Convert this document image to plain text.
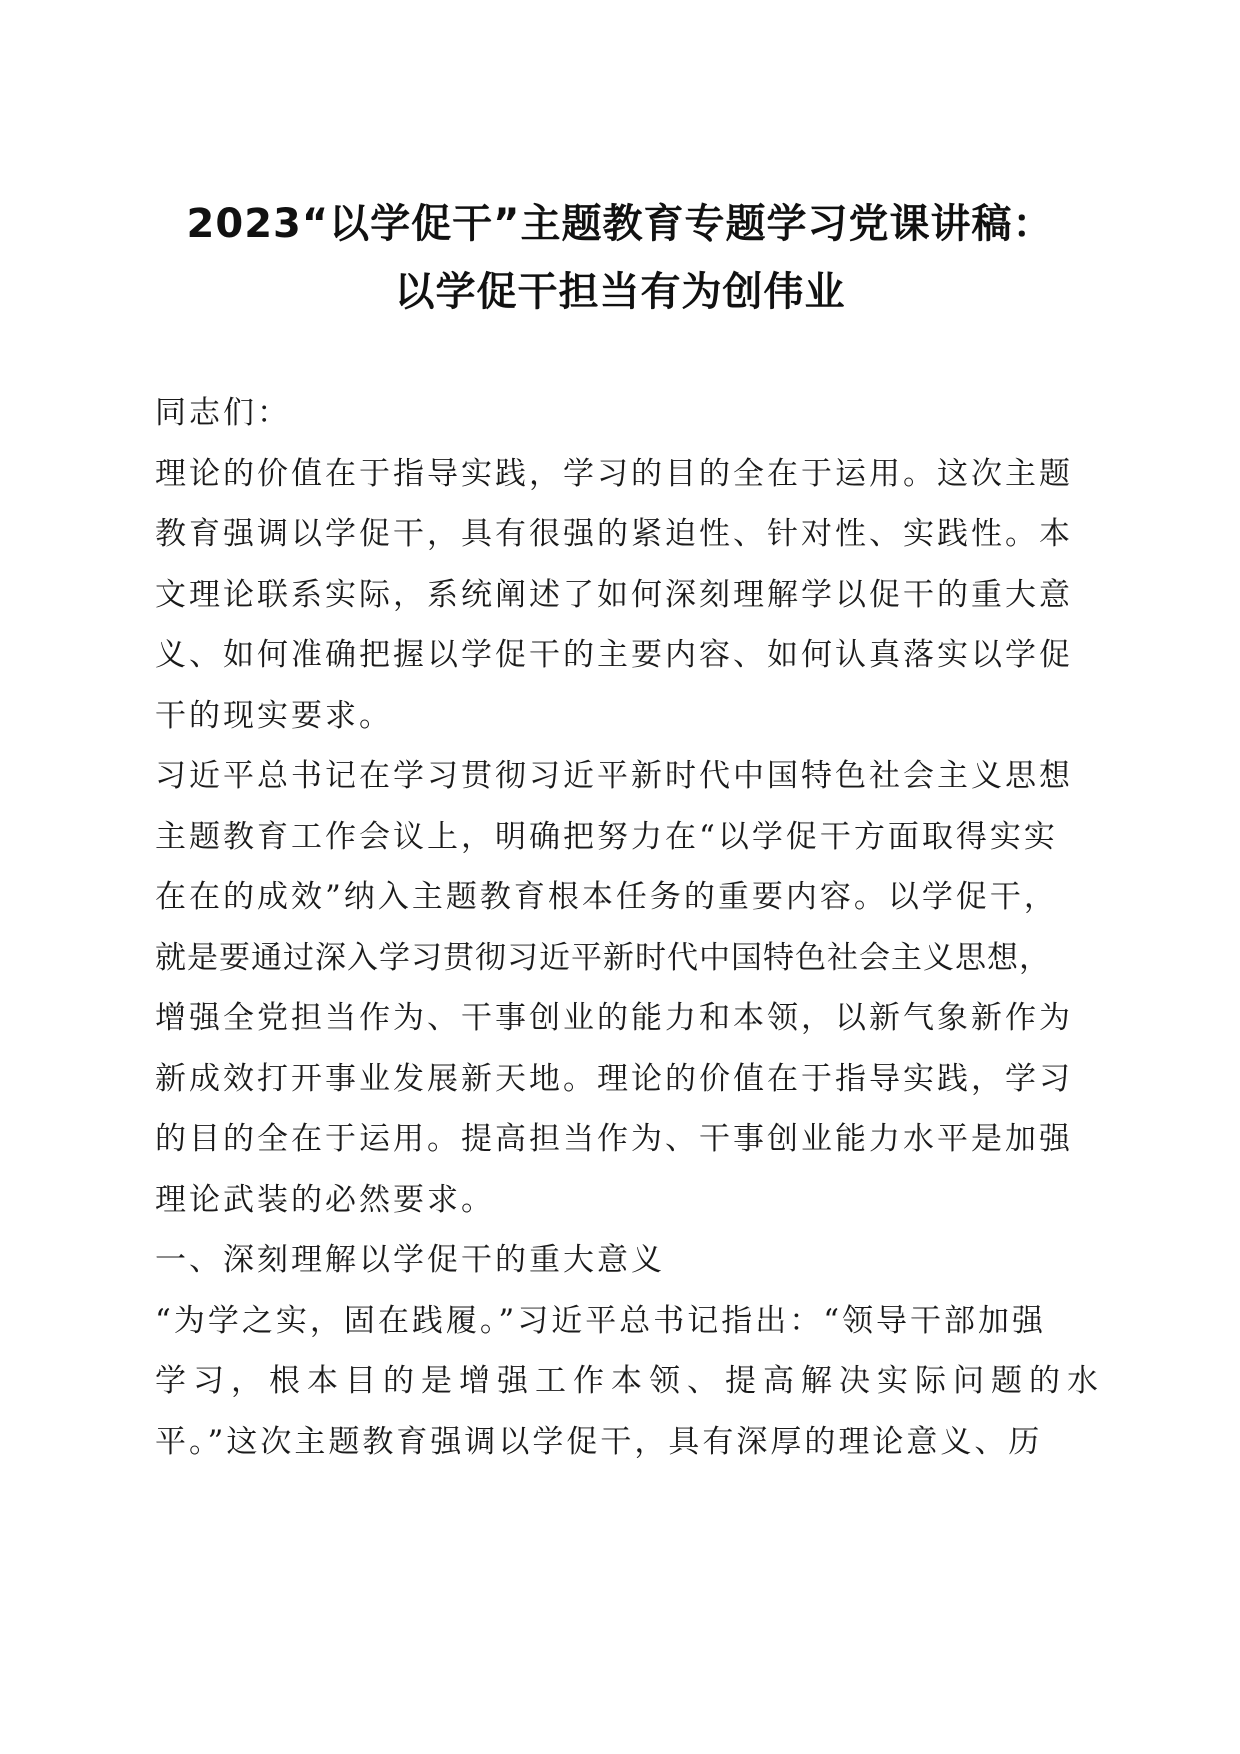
2023“以学促干”主题教育专题学习党课讲稿：
以学促干担当有为创伟业
同志们：
理论的价值在于指导实践，学习的目的全在于运用。这次主题
教育强调以学促干，具有很强的紧迫性、针对性、实践性。本
文理论联系实际，系统阐述了如何深刻理解学以促干的重大意
义、如何准确把握以学促干的主要内容、如何认真落实以学促
干的现实要求。
习近平总书记在学习贯彻习近平新时代中国特色社会主义思想
主题教育工作会议上，明确把努力在“以学促干方面取得实实
在在的成效”纳入主题教育根本任务的重要内容。以学促干，
就是要通过深入学习贯彻习近平新时代中国特色社会主义思想，
增强全党担当作为、干事创业的能力和本领，以新气象新作为
新成效打开事业发展新天地。理论的价值在于指导实践，学习
的目的全在于运用。提高担当作为、干事创业能力水平是加强
理论武装的必然要求。
一、深刻理解以学促干的重大意义
“为学之实，固在践履。”习近平总书记指出：“领导干部加强
学习，根本目的是增强工作本领、提高解决实际问题的水
平。”这次主题教育强调以学促干，具有深厚的理论意义、历
